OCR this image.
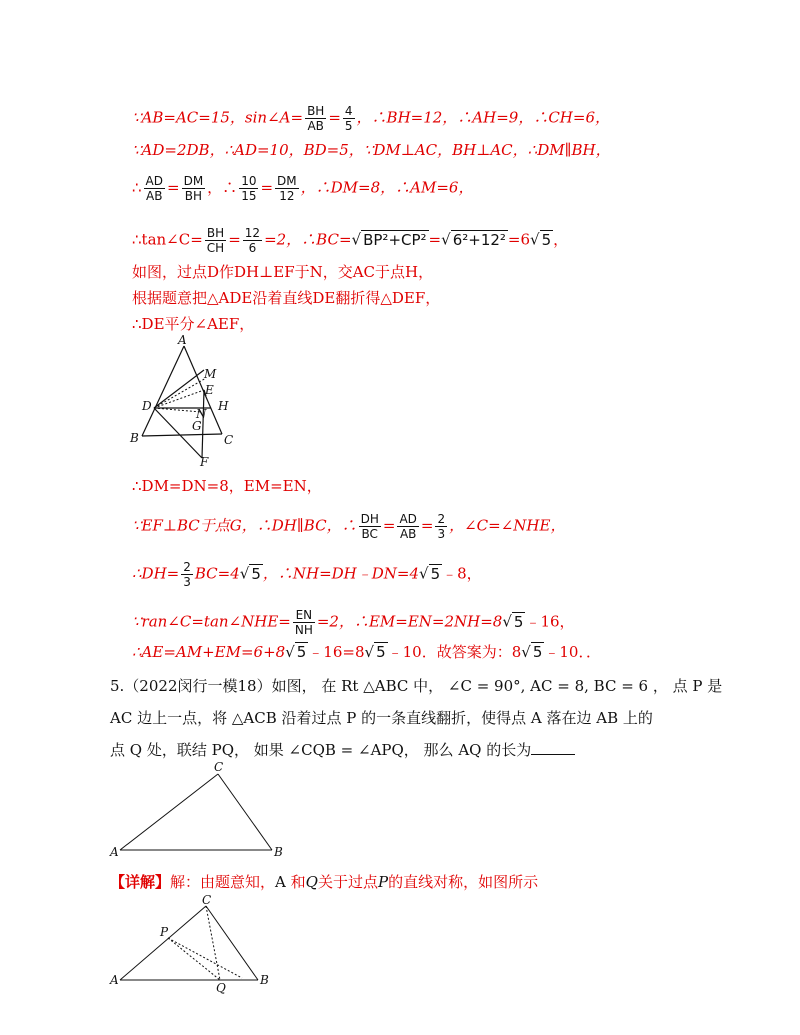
∵AB=AC=15，sin∠A= $\frac{BH}{AB} = \frac{4}{5}$ ，∴BH=12，∴AH=9，∴CH=6，
∵AD=2DB，∴AD=10，BD=5，∵DM⊥AC，BH⊥AC，∴DM∥BH，
∴ $\frac{AD}{AB} = \frac{DM}{BH}$ ，∴ $\frac{10}{15} = \frac{DM}{12}$ ，∴DM=8，∴AM=6，
∴tan∠C= $\frac{BH}{CH} = \frac{12}{6} =2$，∴BC=√ BP²+CP² =√ 6²+12² =6√ 5 ，
如图，过点D作DH⊥EF于N，交AC于点H，
根据题意把△ADE沿着直线DE翻折得△DEF，
∴DE平分∠AEF，
A
B	C
D
E
F
G
H
M
N
∴DM=DN=8，EM=EN，
∵EF⊥BC于点G，∴DH∥BC，∴ $\frac{DH}{BC} = \frac{AD}{AB} = \frac{2}{3}$ ，∠C=∠NHE，
∴DH= $\frac{2}{3} BC=4√$ 5 ，∴NH=DH﹣DN=4√ 5 ﹣8，
∵ran∠C=tan∠NHE= $\frac{EN}{NH} =2$，∴EM=EN=2NH=8√ 5 ﹣16，
∴AE=AM+EM=6+8√ 5 ﹣16=8√ 5 ﹣10．故答案为：8√ 5 ﹣10．．
5.（2022闵行一模18）如图， 在 Rt △ABC 中， ∠C = 90°, AC = 8, BC = 6 ， 点 P 是
AC 边上一点，将 △ACB 沿着过点 P 的一条直线翻折，使得点 A 落在边 AB 上的
点 Q 处，联结 PQ， 如果 ∠CQB = ∠APQ， 那么 AQ 的长为
A	B
C
【详解】解：由题意知，A 和Q关于过点P的直线对称，如图所示
A	B
C
P
Q
